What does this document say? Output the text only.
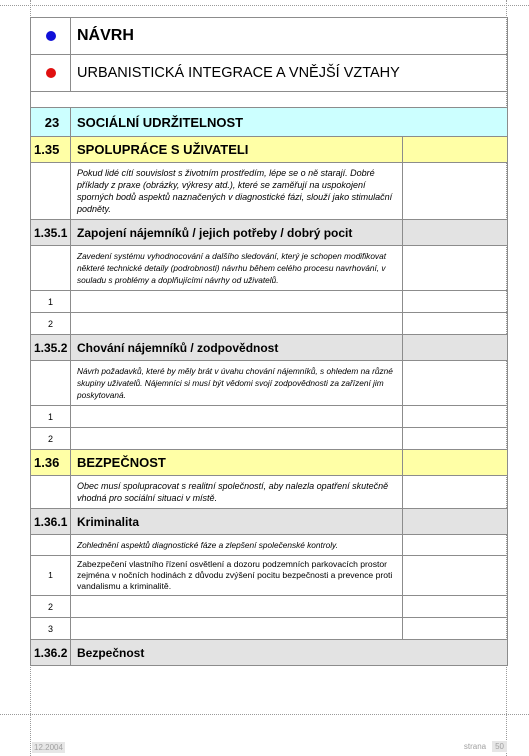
	NÁVRH	

	URBANISTICKÁ INTEGRACE A VNĚJŠÍ VZTAHY	

23	SOCIÁLNÍ UDRŽITELNOST	
1.35	SPOLUPRÁCE S UŽIVATELI	
	Pokud lidé cítí souvislost s životním prostředím, lépe se o ně starají. Dobré příklady z praxe (obrázky, výkresy atd.), které se zaměřují na uspokojení sporných bodů aspektů naznačených v diagnostické fázi, slouží jako stimulační podněty.	
1.35.1	Zapojení nájemníků / jejich potřeby / dobrý pocit	
	Zavedení systému vyhodnocování a dalšího sledování, který je schopen modifikovat některé technické detaily (podrobnosti) návrhu během celého procesu navrhování, v souladu s problémy a doplňujícími návrhy od uživatelů.	
1		
2		
1.35.2	Chování nájemníků / zodpovědnost	
	Návrh požadavků, které by měly brát v úvahu chování nájemníků, s ohledem na různé skupiny uživatelů. Nájemníci si musí být vědomi svojí zodpovědnosti za zařízení jim poskytovaná.	
1		
2		
1.36	BEZPEČNOST	
	Obec musí spolupracovat s realitní společností, aby nalezla opatření skutečně vhodná pro sociální situaci v místě.	
1.36.1	Kriminalita	
	Zohlednění aspektů diagnostické fáze a zlepšení společenské kontroly.	
1	Zabezpečení vlastního řízení osvětlení a dozoru podzemních parkovacích prostor zejména v nočních hodinách z důvodu zvýšení pocitu bezpečnosti a prevence proti vandalismu a kriminalitě.	
2		
3		
1.36.2	Bezpečnost	
12.2004	strana 50
